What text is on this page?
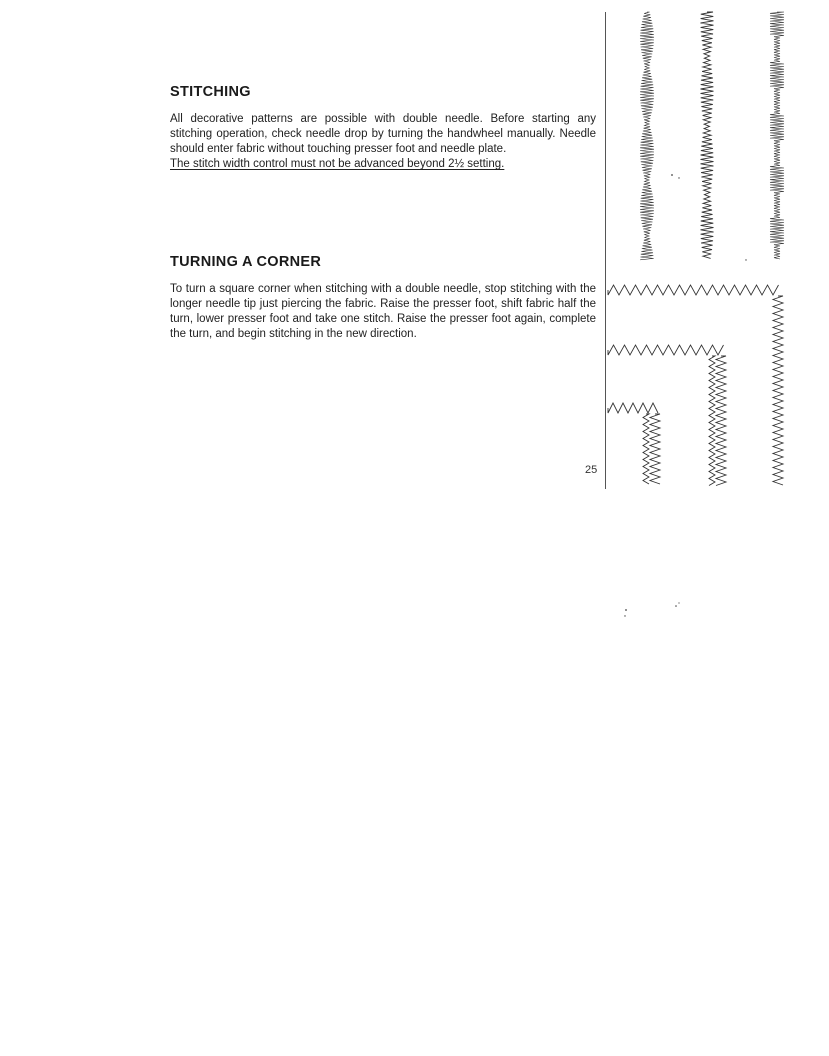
STITCHING

All decorative patterns are possible with double needle. Before starting any stitching operation, check needle drop by turning the handwheel manually. Needle should enter fabric without touching presser foot and needle plate.
The stitch width control must not be advanced beyond 2½ setting.

TURNING A CORNER

To turn a square corner when stitching with a double needle, stop stitching with the longer needle tip just piercing the fabric. Raise the presser foot, shift fabric half the turn, lower presser foot and take one stitch. Raise the presser foot again, complete the turn, and begin stitching in the new direction.

25
